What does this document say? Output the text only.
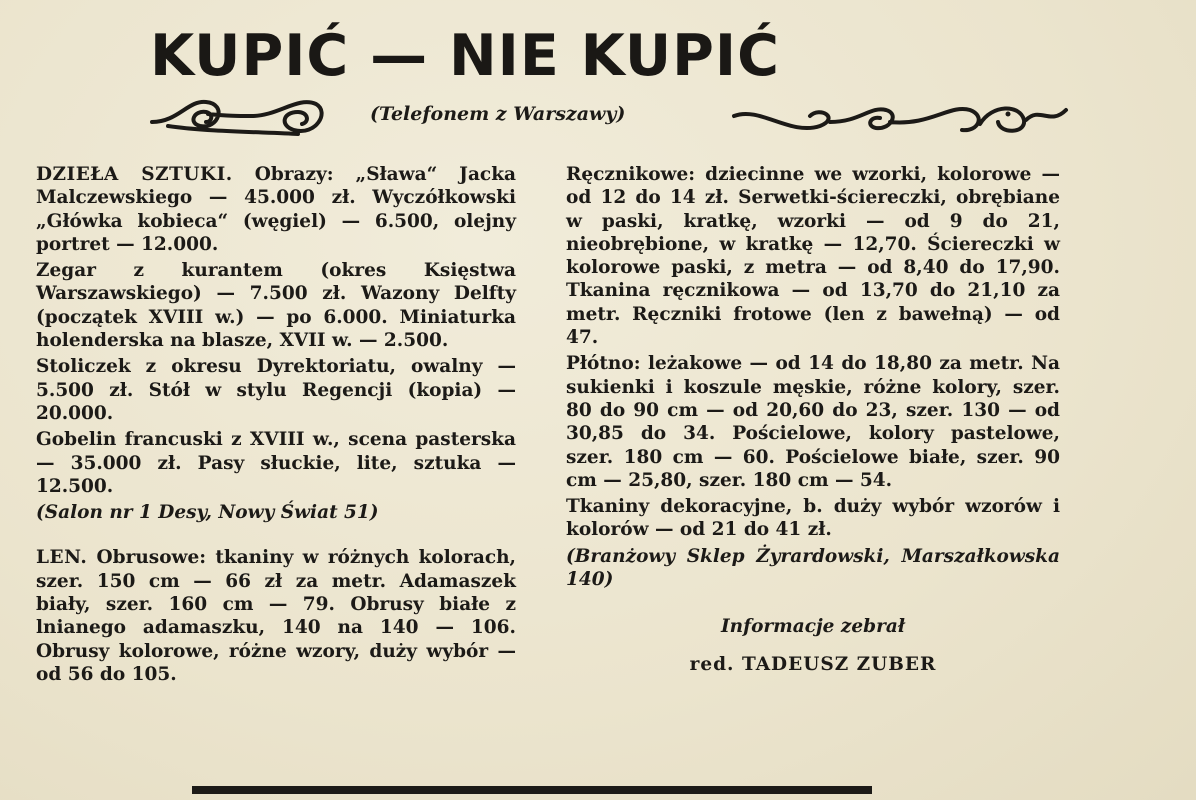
KUPIĆ — NIE KUPIĆ
(Telefonem z Warszawy)

DZIEŁA SZTUKI. Obrazy: „Sława“ Jacka Malczewskiego — 45.000 zł. Wyczółkowski „Główka kobieca“ (węgiel) — 6.500, olejny portret — 12.000.

Zegar z kurantem (okres Księstwa Warszawskiego) — 7.500 zł. Wazony Delfty (początek XVIII w.) — po 6.000. Miniaturka holenderska na blaszе, XVII w. — 2.500.

Stoliczek z okresu Dyrektoriatu, owalny — 5.500 zł. Stół w stylu Regencji (kopia) — 20.000.

Gobelin francuski z XVIII w., scena pasterska — 35.000 zł. Pasy słuckie, lite, sztuka — 12.500.

(Salon nr 1 Desy, Nowy Świat 51)

LEN. Obrusowe: tkaniny w różnych kolorach, szer. 150 cm — 66 zł za metr. Adamaszek biały, szer. 160 cm — 79. Obrusy białe z lnianego adamaszku, 140 na 140 — 106. Obrusy kolorowe, różne wzory, duży wybór — od 56 do 105.

Ręcznikowe: dziecinne we wzorki, kolorowe — od 12 do 14 zł. Serwetki-ściereczki, obrębiane w paski, kratkę, wzorki — od 9 do 21, nieobrębione, w kratkę — 12,70. Ściereczki w kolorowe paski, z metra — od 8,40 do 17,90. Tkanina ręcznikowa — od 13,70 do 21,10 za metr. Ręczniki frotowe (len z bawełną) — od 47.

Płótno: leżakowe — od 14 do 18,80 za metr. Na sukienki i koszule męskie, różne kolory, szer. 80 do 90 cm — od 20,60 do 23, szer. 130 — od 30,85 do 34. Pościelowe, kolory pastelowe, szer. 180 cm — 60. Pościelowe białe, szer. 90 cm — 25,80, szer. 180 cm — 54.

Tkaniny dekoracyjne, b. duży wybór wzorów i kolorów — od 21 do 41 zł.

(Branżowy Sklep Żyrardowski, Marszałkowska 140)

Informacje zebrał
red. TADEUSZ ZUBER
